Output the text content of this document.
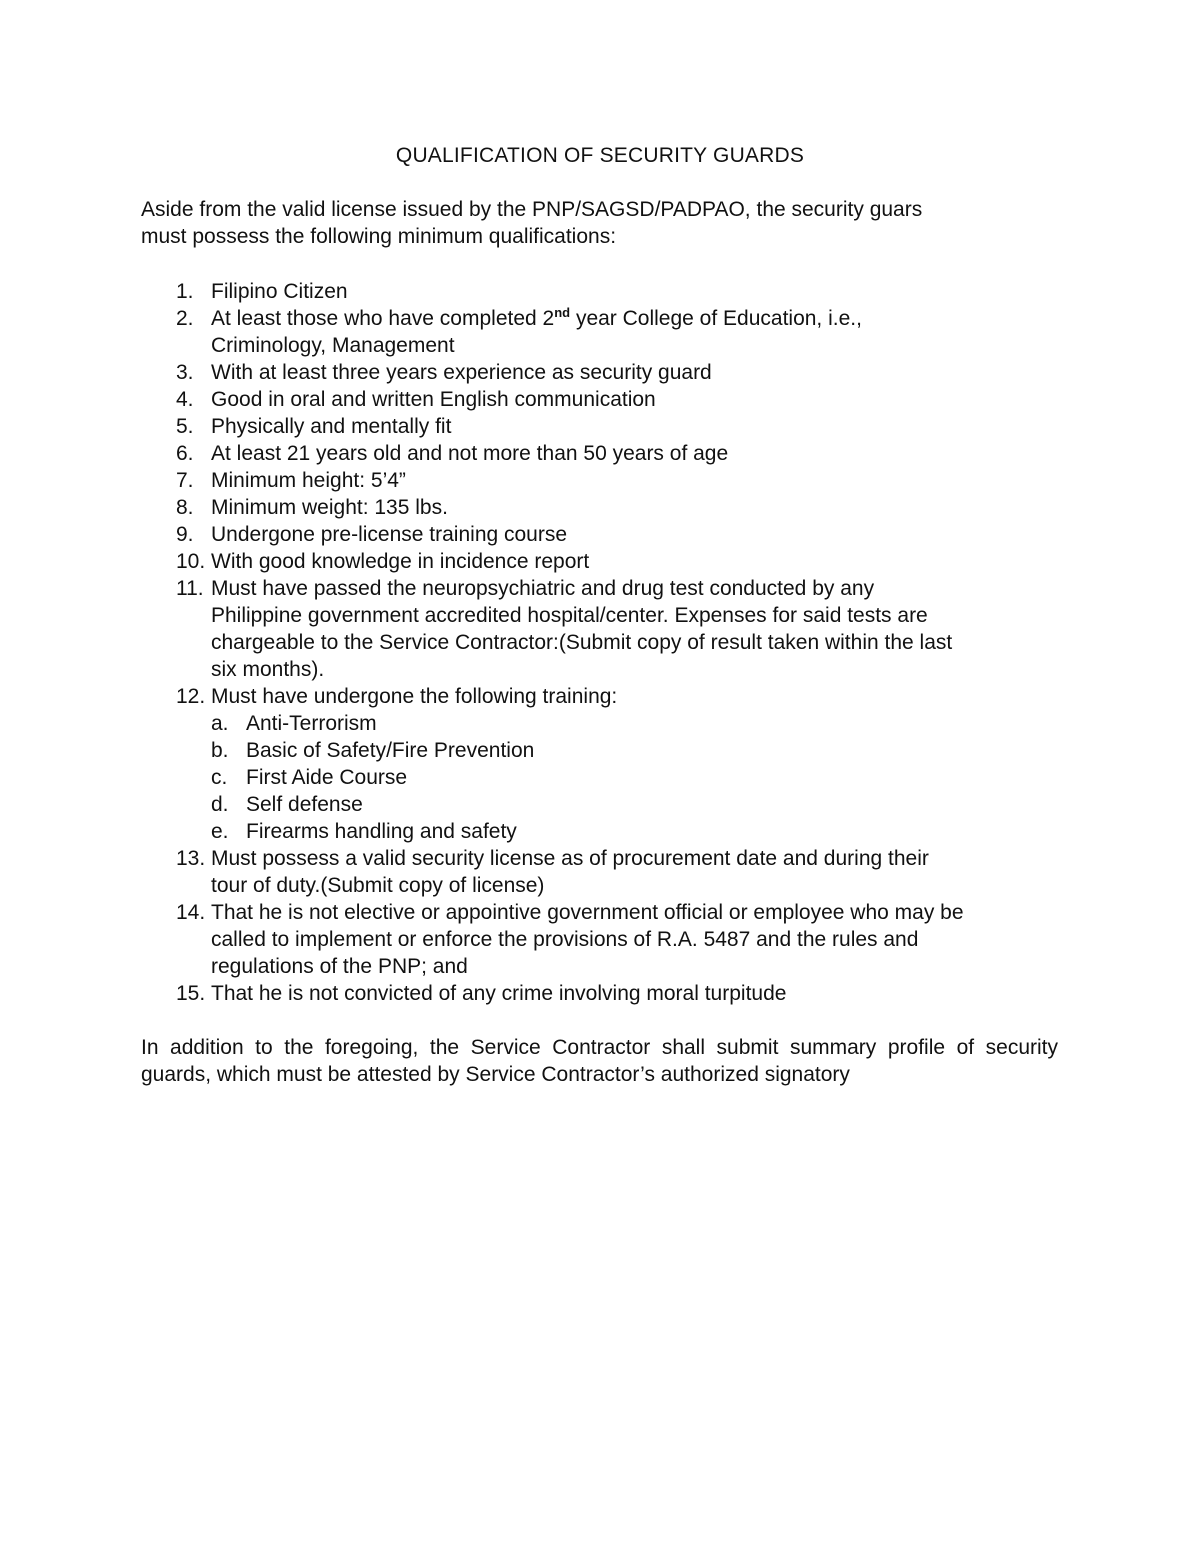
QUALIFICATION OF SECURITY GUARDS

Aside from the valid license issued by the PNP/SAGSD/PADPAO, the security guars
must possess the following minimum qualifications:

1. Filipino Citizen
2. At least those who have completed 2nd year College of Education, i.e.,
Criminology, Management
3. With at least three years experience as security guard
4. Good in oral and written English communication
5. Physically and mentally fit
6. At least 21 years old and not more than 50 years of age
7. Minimum height: 5’4”
8. Minimum weight: 135 lbs.
9. Undergone pre-license training course
10. With good knowledge in incidence report
11. Must have passed the neuropsychiatric and drug test conducted by any
Philippine government accredited hospital/center. Expenses for said tests are
chargeable to the Service Contractor:(Submit copy of result taken within the last
six months).
12. Must have undergone the following training:
a. Anti-Terrorism
b. Basic of Safety/Fire Prevention
c. First Aide Course
d. Self defense
e. Firearms handling and safety
13. Must possess a valid security license as of procurement date and during their
tour of duty.(Submit copy of license)
14. That he is not elective or appointive government official or employee who may be
called to implement or enforce the provisions of R.A. 5487 and the rules and
regulations of the PNP; and
15. That he is not convicted of any crime involving moral turpitude

In addition to the foregoing, the Service Contractor shall submit summary profile of security guards, which must be attested by Service Contractor’s authorized signatory
